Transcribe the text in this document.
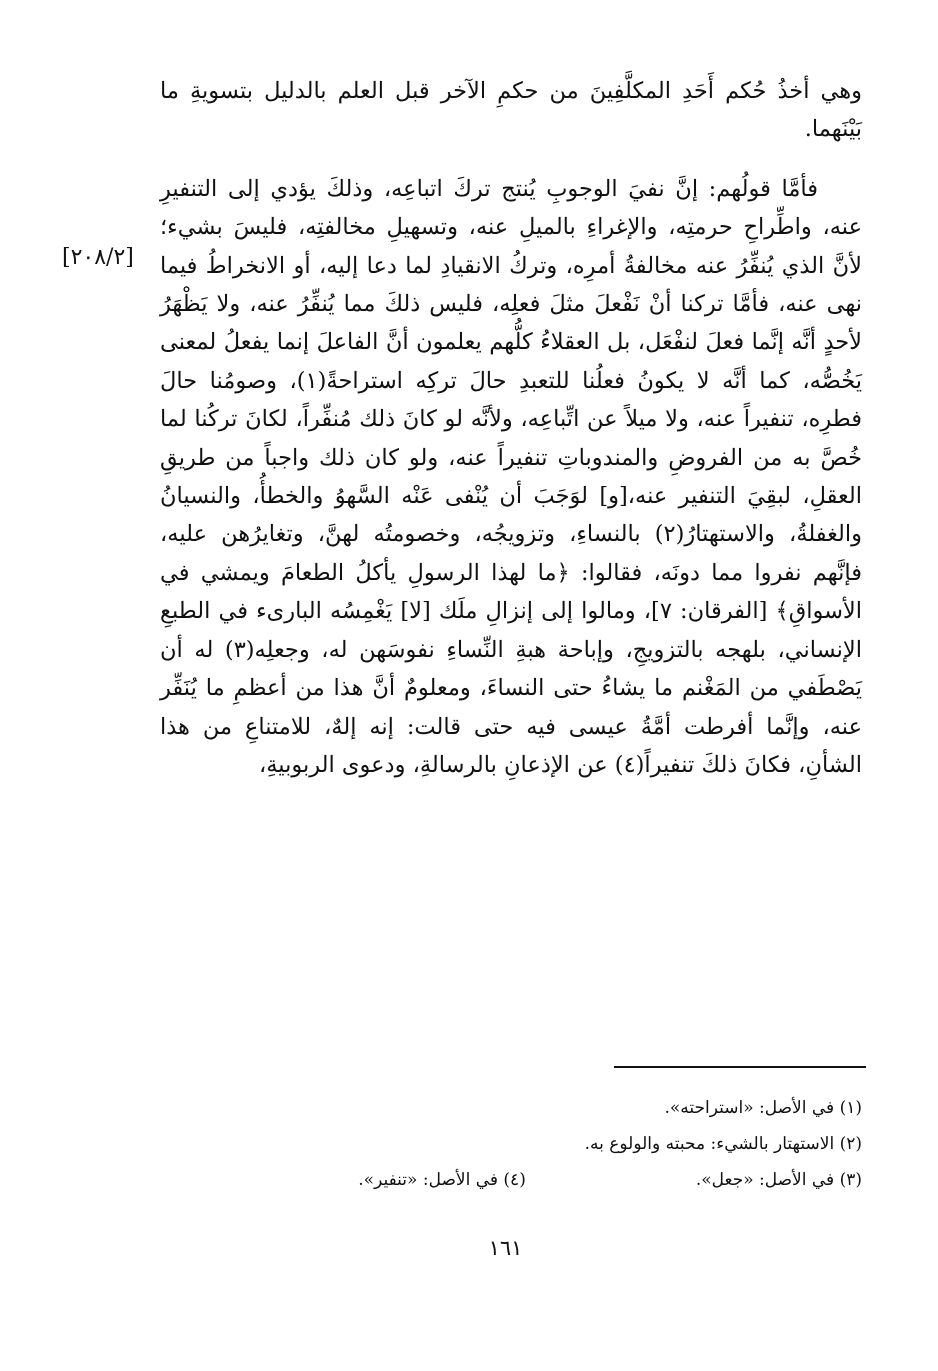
[٢٠٨/٢]

وهي أخذُ حُكم أَحَدِ المكلَّفِينَ من حكمِ الآخر قبل العلم بالدليل بتسويةِ ما بَيْنَهما.

فأمَّا قولُهم: إنَّ نفيَ الوجوبِ يُنتج تركَ اتباعِه، وذلكَ يؤدي إلى التنفيرِ عنه، واطِّراحِ حرمتِه، والإغراءِ بالميلِ عنه، وتسهيلِ مخالفتِه، فليسَ بشيء؛ لأنَّ الذي يُنفِّرُ عنه مخالفةُ أمرِه، وتركُ الانقيادِ لما دعا إليه، أو الانخراطُ فيما نهى عنه، فأمَّا تركنا أنْ نَفْعلَ مثلَ فعلِه، فليس ذلكَ مما يُنفِّرُ عنه، ولا يَظْهَرُ لأحدٍ أنَّه إنَّما فعلَ لنفْعَل، بل العقلاءُ كلُّهم يعلمون أنَّ الفاعلَ إنما يفعلُ لمعنى يَخُصُّه، كما أنَّه لا يكونُ فعلُنا للتعبدِ حالَ تركِه استراحةً(١)، وصومُنا حالَ فطرِه، تنفيراً عنه، ولا ميلاً عن اتِّباعِه، ولأنَّه لو كانَ ذلك مُنفِّراً، لكانَ تركُنا لما خُصَّ به من الفروضِ والمندوباتِ تنفيراً عنه، ولو كان ذلك واجباً من طريقِ العقلِ، لبقِيَ التنفير عنه،[و] لوَجَبَ أن يُنْفى عَنْه السَّهوُ والخطأُ، والنسيانُ والغفلةُ، والاستهتارُ(٢) بالنساءِ، وتزويجُه، وخصومتُه لهنَّ، وتغايرُهن عليه، فإنَّهم نفروا مما دونَه، فقالوا: ﴿ما لهذا الرسولِ يأكلُ الطعامَ ويمشي في الأسواقِ﴾ [الفرقان: ٧]، ومالوا إلى إنزالِ ملَك [لا] يَغْمِسُه البارىء في الطبعِ الإنساني، بلهجه بالتزويجِ، وإباحة هبةِ النِّساءِ نفوسَهن له، وجعلِه(٣) له أن يَصْطَفي من المَغْنم ما يشاءُ حتى النساءَ، ومعلومٌ أنَّ هذا من أعظمِ ما يُنَفِّر عنه، وإنَّما أفرطت أمَّةُ عيسى فيه حتى قالت: إنه إلهٌ، للامتناعِ من هذا الشأنِ، فكانَ ذلكَ تنفيراً(٤) عن الإذعانِ بالرسالةِ، ودعوى الربوبيةِ،

(١) في الأصل: «استراحته».

(٢) الاستهتار بالشيء: محبته والولوع به.

(٣) في الأصل: «جعل».
(٤) في الأصل: «تنفير».
١٦١
